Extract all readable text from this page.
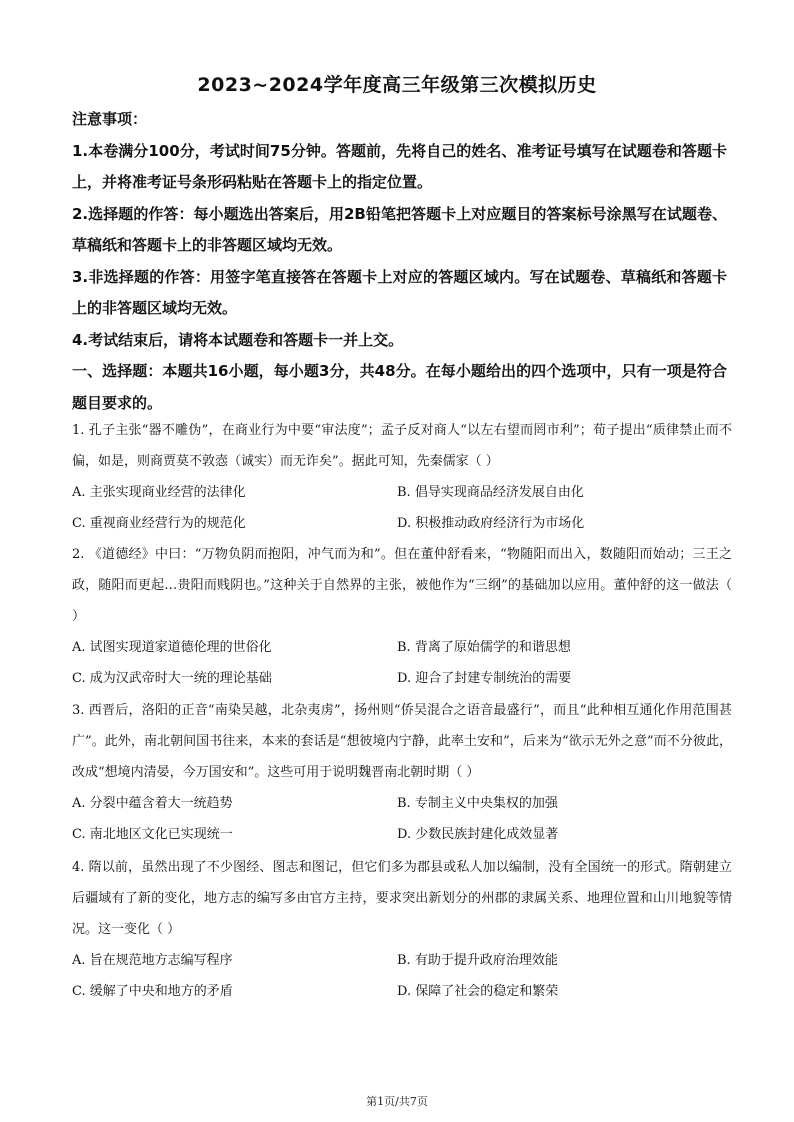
2023~2024学年度高三年级第三次模拟历史

注意事项：

1.本卷满分100分，考试时间75分钟。答题前，先将自己的姓名、准考证号填写在试题卷和答题卡上，并将准考证号条形码粘贴在答题卡上的指定位置。

2.选择题的作答：每小题选出答案后，用2B铅笔把答题卡上对应题目的答案标号涂黑写在试题卷、草稿纸和答题卡上的非答题区域均无效。

3.非选择题的作答：用签字笔直接答在答题卡上对应的答题区域内。写在试题卷、草稿纸和答题卡上的非答题区域均无效。

4.考试结束后，请将本试题卷和答题卡一并上交。

一、选择题：本题共16小题，每小题3分，共48分。在每小题给出的四个选项中，只有一项是符合题目要求的。

1. 孔子主张“器不雕伪”，在商业行为中要“审法度”；孟子反对商人“以左右望而罔市利”；荀子提出“质律禁止而不偏，如是，则商贾莫不敦悫（诚实）而无诈矣”。据此可知，先秦儒家（ ）

A. 主张实现商业经营的法律化	B. 倡导实现商品经济发展自由化
C. 重视商业经营行为的规范化	D. 积极推动政府经济行为市场化

2. 《道德经》中曰：“万物负阴而抱阳，冲气而为和”。但在董仲舒看来，“物随阳而出入，数随阳而始动；三王之政，随阳而更起…贵阳而贱阴也。”这种关于自然界的主张，被他作为“三纲”的基础加以应用。董仲舒的这一做法（ ）

A. 试图实现道家道德伦理的世俗化	B. 背离了原始儒学的和谐思想
C. 成为汉武帝时大一统的理论基础	D. 迎合了封建专制统治的需要

3. 西晋后，洛阳的正音“南染吴越，北杂夷虏”，扬州则“侨吴混合之语音最盛行”，而且“此种相互通化作用范围甚广”。此外，南北朝间国书往来，本来的套话是“想彼境内宁静，此率土安和”，后来为“欲示无外之意”而不分彼此，改成“想境内清晏，今万国安和”。这些可用于说明魏晋南北朝时期（ ）

A. 分裂中蕴含着大一统趋势	B. 专制主义中央集权的加强
C. 南北地区文化已实现统一	D. 少数民族封建化成效显著

4. 隋以前，虽然出现了不少图经、图志和图记，但它们多为郡县或私人加以编制，没有全国统一的形式。隋朝建立后疆域有了新的变化，地方志的编写多由官方主持，要求突出新划分的州郡的隶属关系、地理位置和山川地貌等情况。这一变化（ ）

A. 旨在规范地方志编写程序	B. 有助于提升政府治理效能
C. 缓解了中央和地方的矛盾	D. 保障了社会的稳定和繁荣
第1页/共7页
